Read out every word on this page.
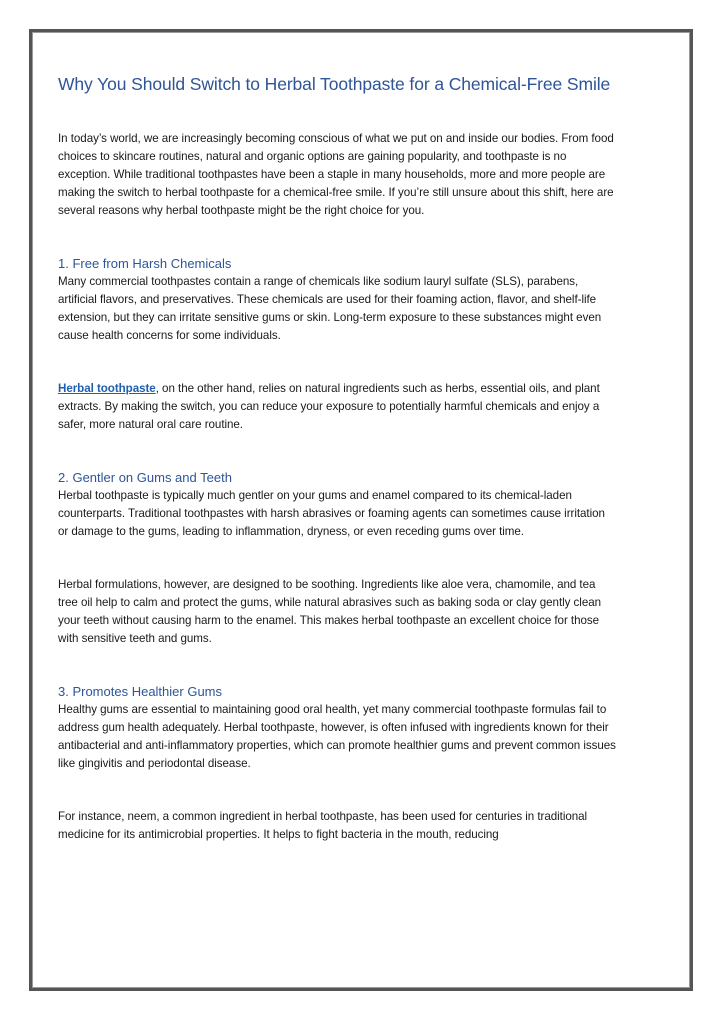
Why You Should Switch to Herbal Toothpaste for a Chemical-Free Smile

In today’s world, we are increasingly becoming conscious of what we put on and inside our bodies. From food choices to skincare routines, natural and organic options are gaining popularity, and toothpaste is no exception. While traditional toothpastes have been a staple in many households, more and more people are making the switch to herbal toothpaste for a chemical-free smile. If you’re still unsure about this shift, here are several reasons why herbal toothpaste might be the right choice for you.

1. Free from Harsh Chemicals

Many commercial toothpastes contain a range of chemicals like sodium lauryl sulfate (SLS), parabens, artificial flavors, and preservatives. These chemicals are used for their foaming action, flavor, and shelf-life extension, but they can irritate sensitive gums or skin. Long-term exposure to these substances might even cause health concerns for some individuals.

Herbal toothpaste, on the other hand, relies on natural ingredients such as herbs, essential oils, and plant extracts. By making the switch, you can reduce your exposure to potentially harmful chemicals and enjoy a safer, more natural oral care routine.

2. Gentler on Gums and Teeth

Herbal toothpaste is typically much gentler on your gums and enamel compared to its chemical-laden counterparts. Traditional toothpastes with harsh abrasives or foaming agents can sometimes cause irritation or damage to the gums, leading to inflammation, dryness, or even receding gums over time.

Herbal formulations, however, are designed to be soothing. Ingredients like aloe vera, chamomile, and tea tree oil help to calm and protect the gums, while natural abrasives such as baking soda or clay gently clean your teeth without causing harm to the enamel. This makes herbal toothpaste an excellent choice for those with sensitive teeth and gums.

3. Promotes Healthier Gums

Healthy gums are essential to maintaining good oral health, yet many commercial toothpaste formulas fail to address gum health adequately. Herbal toothpaste, however, is often infused with ingredients known for their antibacterial and anti-inflammatory properties, which can promote healthier gums and prevent common issues like gingivitis and periodontal disease.

For instance, neem, a common ingredient in herbal toothpaste, has been used for centuries in traditional medicine for its antimicrobial properties. It helps to fight bacteria in the mouth, reducing
